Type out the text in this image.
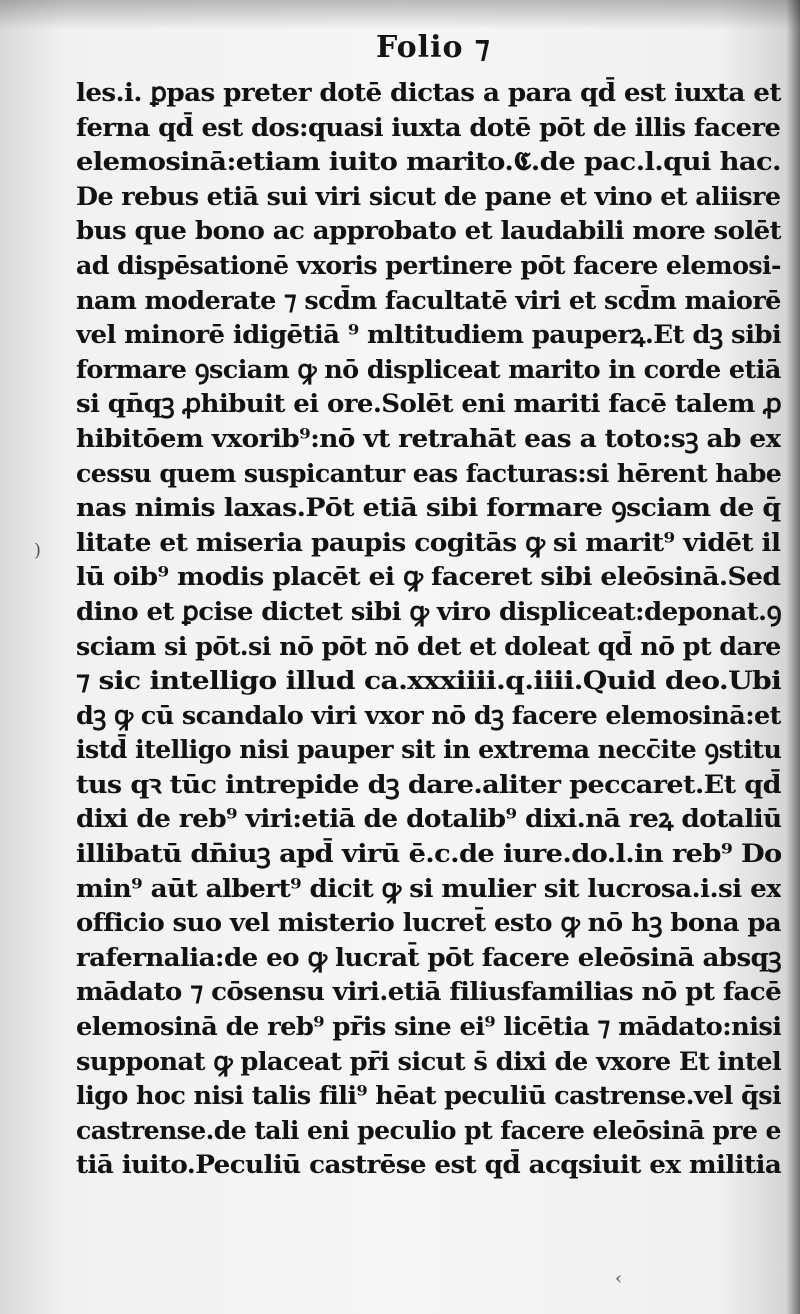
Folio ⁊
les.i. ꝑpas preter dotē dictas a para qd̄ est iuxta et
ferna qd̄ est dos:quasi iuxta dotē pōt de illis facere
elemosinā:etiam iuito marito.𝕮.de pac.l.qui hac.
De rebus etiā sui viri sicut de pane et vino et aliisre
bus que bono ac approbato et laudabili more solēt
ad dispēsationē vxoris pertinere pōt facere elemosi-
nam moderate ⁊ scd̄m facultatē viri et scd̄m maiorē
vel minorē idigētiā ⁹ mltitudiem pauperꝝ.Et dꝫ sibi
formare ꝯsciam ꝙ nō displiceat marito in corde etiā
si qn̄qꝫ ꝓhibuit ei ore.Solēt eni mariti facē talem ꝓ
hibitōem vxorib⁹:nō vt retrahāt eas a toto:sꝫ ab ex
cessu quem suspicantur eas facturas:si hērent habe
nas nimis laxas.Pōt etiā sibi formare ꝯsciam de q̄
litate et miseria paupis cogitās ꝙ si marit⁹ vidēt il
lū oib⁹ modis placēt ei ꝙ faceret sibi eleōsinā.Sed
dino et ꝑcise dictet sibi ꝙ viro displiceat:deponat.ꝯ
sciam si pōt.si nō pōt nō det et doleat qd̄ nō pt dare
⁊ sic intelligo illud ca.xxxiiii.q.iiii.Quid deo.Ubi
dꝫ ꝙ cū scandalo viri vxor nō dꝫ facere elemosinā:et
istd̄ itelligo nisi pauper sit in extrema necc̄ite ꝯstitu
tus qꝛ tūc intrepide dꝫ dare.aliter peccaret.Et qd̄
dixi de reb⁹ viri:etiā de dotalib⁹ dixi.nā reꝝ dotaliū
illibatū dn̄iuꝫ apd̄ virū ē.c.de iure.do.l.in reb⁹ Do
min⁹ aūt albert⁹ dicit ꝙ si mulier sit lucrosa.i.si ex
officio suo vel misterio lucret̄ esto ꝙ nō hꝫ bona pa
rafernalia:de eo ꝙ lucrat̄ pōt facere eleōsinā absqꝫ
mādato ⁊ cōsensu viri.etiā filiusfamilias nō pt facē
elemosinā de reb⁹ pr̄is sine ei⁹ licētia ⁊ mādato:nisi
supponat ꝙ placeat pr̄i sicut s̄ dixi de vxore Et intel
ligo hoc nisi talis fili⁹ hēat peculiū castrense.vel q̄si
castrense.de tali eni peculio pt facere eleōsinā pre e
tiā iuito.Peculiū castrēse est qd̄ acqsiuit ex militia
)
‹
